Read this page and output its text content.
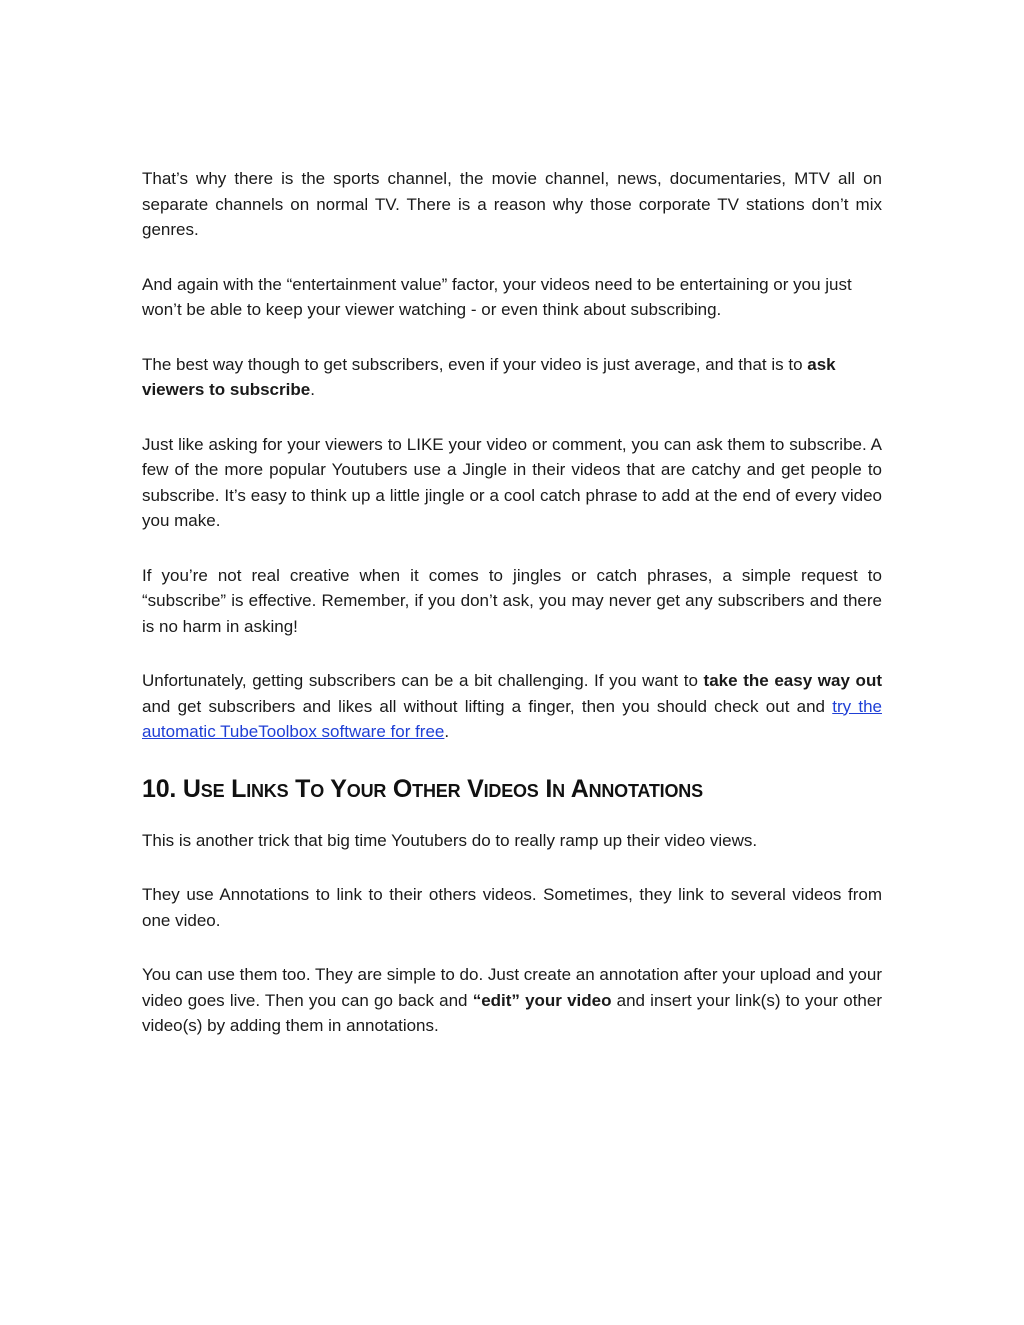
That’s why there is the sports channel, the movie channel, news, documentaries, MTV all on separate channels on normal TV. There is a reason why those corporate TV stations don’t mix genres.

And again with the “entertainment value” factor, your videos need to be entertaining or you just won’t be able to keep your viewer watching - or even think about subscribing.

The best way though to get subscribers, even if your video is just average, and that is to ask viewers to subscribe.

Just like asking for your viewers to LIKE your video or comment, you can ask them to subscribe. A few of the more popular Youtubers use a Jingle in their videos that are catchy and get people to subscribe. It’s easy to think up a little jingle or a cool catch phrase to add at the end of every video you make.

If you’re not real creative when it comes to jingles or catch phrases, a simple request to “subscribe” is effective. Remember, if you don’t ask, you may never get any subscribers and there is no harm in asking!

Unfortunately, getting subscribers can be a bit challenging. If you want to take the easy way out and get subscribers and likes all without lifting a finger, then you should check out and try the automatic TubeToolbox software for free.

10. Use Links To Your Other Videos In Annotations

This is another trick that big time Youtubers do to really ramp up their video views.

They use Annotations to link to their others videos. Sometimes, they link to several videos from one video.

You can use them too. They are simple to do. Just create an annotation after your upload and your video goes live. Then you can go back and “edit” your video and insert your link(s) to your other video(s) by adding them in annotations.
